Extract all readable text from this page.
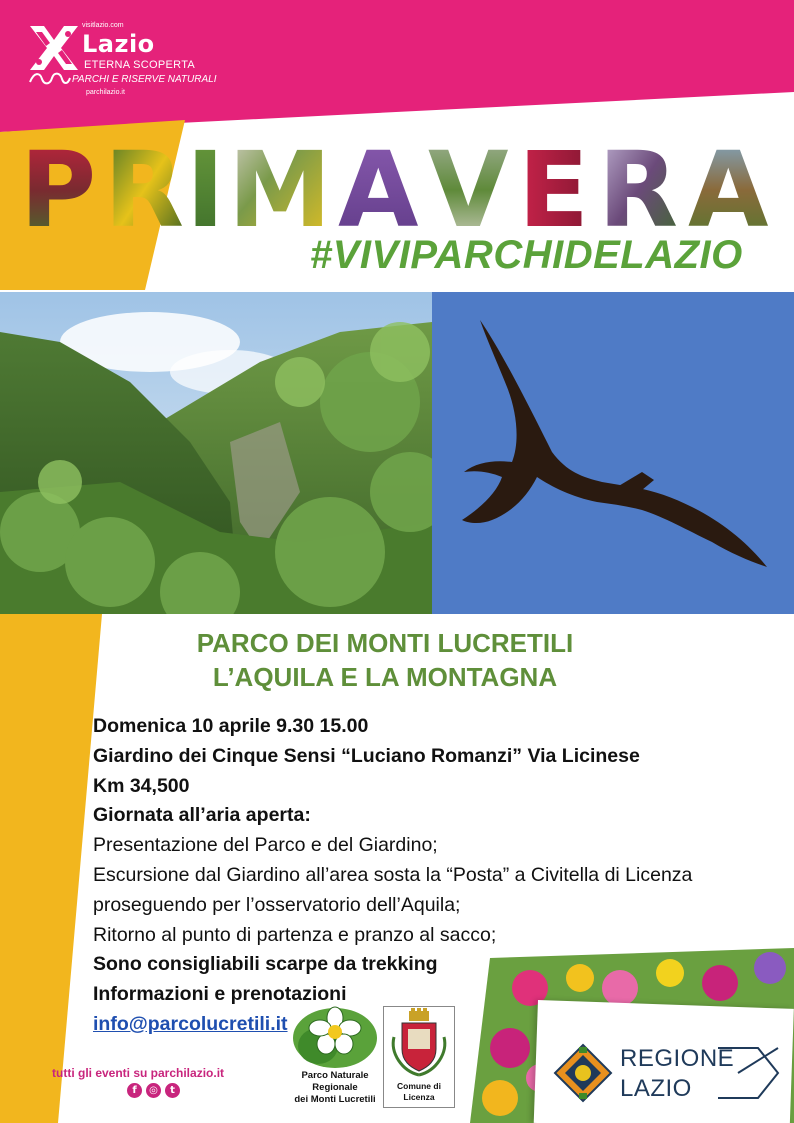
visitlazio.com
Lazio
ETERNA SCOPERTA
PARCHI E RISERVE NATURALI
parchilazio.it
P R I M A V E R A
#VIVIPARCHIDELAZIO
PARCO DEI MONTI LUCRETILI
L’AQUILA E LA MONTAGNA
Domenica 10 aprile 9.30 15.00
Giardino dei Cinque Sensi “Luciano Romanzi” Via Licinese
Km 34,500
Giornata all’aria aperta:
Presentazione del Parco e del Giardino;
Escursione dal Giardino all’area sosta la “Posta” a Civitella di Licenza
proseguendo per l’osservatorio dell’Aquila;
Ritorno al punto di partenza e pranzo al sacco;
Sono consigliabili scarpe da trekking
Informazioni e prenotazioni
info@parcolucretili.it
tutti gli eventi su parchilazio.it
f	◎	t
Parco Naturale Regionale
dei Monti Lucretili
Comune di
Licenza
REGIONE
LAZIO
